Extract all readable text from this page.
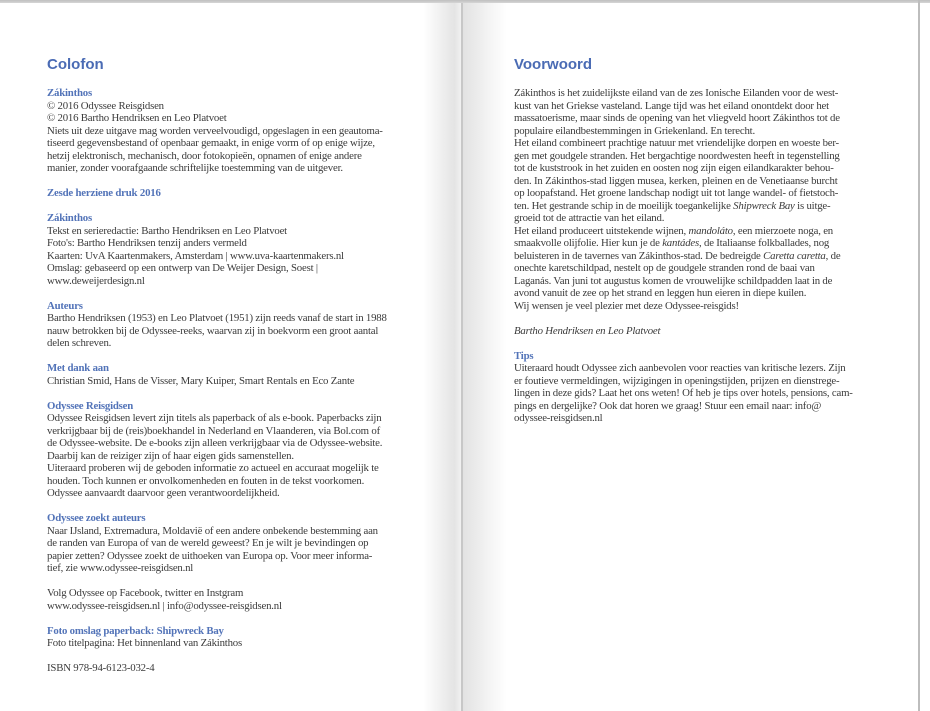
Colofon
Zákinthos
© 2016 Odyssee Reisgidsen
© 2016 Bartho Hendriksen en Leo Platvoet
Niets uit deze uitgave mag worden verveelvoudigd, opgeslagen in een geautoma-
tiseerd gegevensbestand of openbaar gemaakt, in enige vorm of op enige wijze,
hetzij elektronisch, mechanisch, door fotokopieën, opnamen of enige andere
manier, zonder voorafgaande schriftelijke toestemming van de uitgever.
Zesde herziene druk 2016
Zákinthos
Tekst en serieredactie: Bartho Hendriksen en Leo Platvoet
Foto's: Bartho Hendriksen tenzij anders vermeld
Kaarten: UvA Kaartenmakers, Amsterdam | www.uva-kaartenmakers.nl
Omslag: gebaseerd op een ontwerp van De Weijer Design, Soest |
www.deweijerdesign.nl
Auteurs
Bartho Hendriksen (1953) en Leo Platvoet (1951) zijn reeds vanaf de start in 1988
nauw betrokken bij de Odyssee-reeks, waarvan zij in boekvorm een groot aantal
delen schreven.
Met dank aan
Christian Smid, Hans de Visser, Mary Kuiper, Smart Rentals en Eco Zante
Odyssee Reisgidsen
Odyssee Reisgidsen levert zijn titels als paperback of als e-book. Paperbacks zijn
verkrijgbaar bij de (reis)boekhandel in Nederland en Vlaanderen, via Bol.com of
de Odyssee-website. De e-books zijn alleen verkrijgbaar via de Odyssee-website.
Daarbij kan de reiziger zijn of haar eigen gids samenstellen.
Uiteraard proberen wij de geboden informatie zo actueel en accuraat mogelijk te
houden. Toch kunnen er onvolkomenheden en fouten in de tekst voorkomen.
Odyssee aanvaardt daarvoor geen verantwoordelijkheid.
Odyssee zoekt auteurs
Naar IJsland, Extremadura, Moldavië of een andere onbekende bestemming aan
de randen van Europa of van de wereld geweest? En je wilt je bevindingen op
papier zetten? Odyssee zoekt de uithoeken van Europa op. Voor meer informa-
tief, zie www.odyssee-reisgidsen.nl
Volg Odyssee op Facebook, twitter en Instgram
www.odyssee-reisgidsen.nl | info@odyssee-reisgidsen.nl
Foto omslag paperback: Shipwreck Bay
Foto titelpagina: Het binnenland van Zákinthos
ISBN 978-94-6123-032-4
Voorwoord
Zákinthos is het zuidelijkste eiland van de zes Ionische Eilanden voor de west-
kust van het Griekse vasteland. Lange tijd was het eiland onontdekt door het
massatoerisme, maar sinds de opening van het vliegveld hoort Zákinthos tot de
populaire eilandbestemmingen in Griekenland. En terecht.
Het eiland combineert prachtige natuur met vriendelijke dorpen en woeste ber-
gen met goudgele stranden. Het bergachtige noordwesten heeft in tegenstelling
tot de kuststrook in het zuiden en oosten nog zijn eigen eilandkarakter behou-
den. In Zákinthos-stad liggen musea, kerken, pleinen en de Venetiaanse burcht
op loopafstand. Het groene landschap nodigt uit tot lange wandel- of fietstoch-
ten. Het gestrande schip in de moeilijk toegankelijke Shipwreck Bay is uitge-
groeid tot de attractie van het eiland.
Het eiland produceert uitstekende wijnen, mandoláto, een mierzoete noga, en
smaakvolle olijfolie. Hier kun je de kantádes, de Italiaanse folkballades, nog
beluisteren in de tavernes van Zákinthos-stad. De bedreigde Caretta caretta, de
onechte karetschildpad, nestelt op de goudgele stranden rond de baai van
Laganás. Van juni tot augustus komen de vrouwelijke schildpadden laat in de
avond vanuit de zee op het strand en leggen hun eieren in diepe kuilen.
Wij wensen je veel plezier met deze Odyssee-reisgids!
Bartho Hendriksen en Leo Platvoet
Tips
Uiteraard houdt Odyssee zich aanbevolen voor reacties van kritische lezers. Zijn
er foutieve vermeldingen, wijzigingen in openingstijden, prijzen en dienstrege-
lingen in deze gids? Laat het ons weten! Of heb je tips over hotels, pensions, cam-
pings en dergelijke? Ook dat horen we graag! Stuur een email naar: info@
odyssee-reisgidsen.nl
